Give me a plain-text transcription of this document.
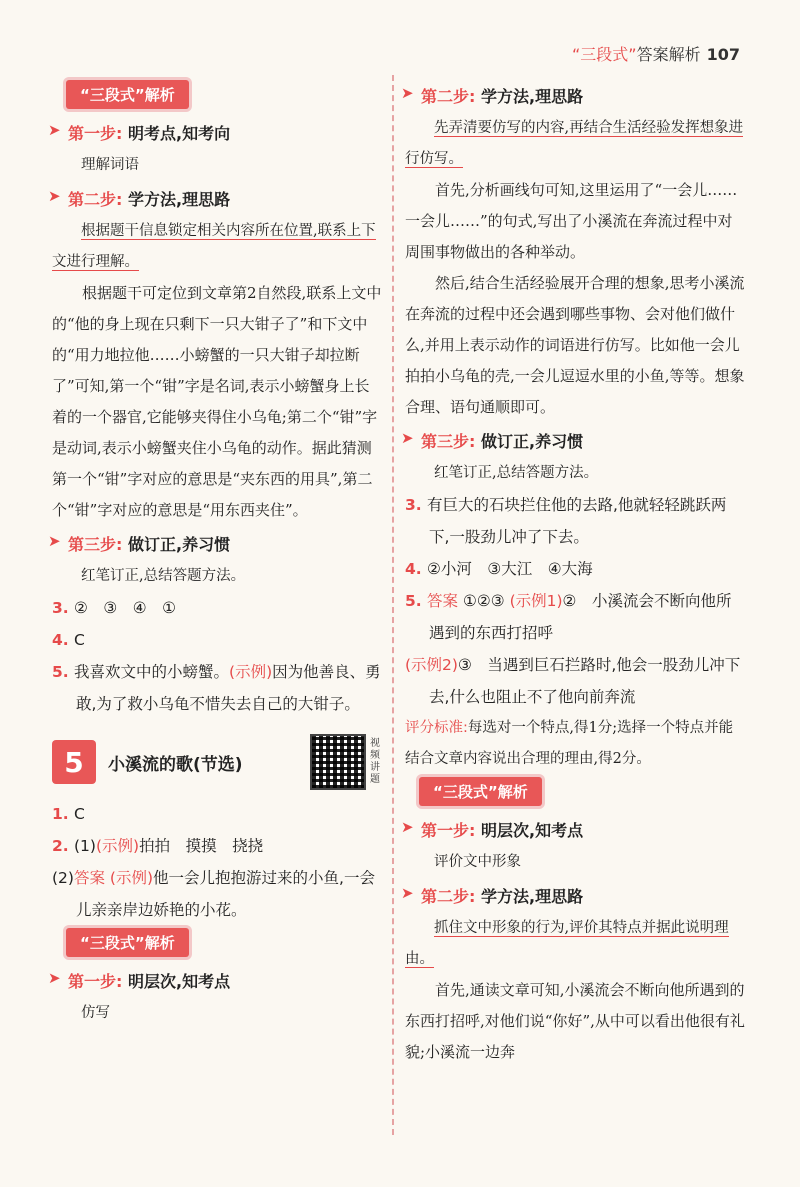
“三段式”答案解析 107
“三段式”解析
➤ 第一步: 明考点,知考向

理解词语

➤ 第二步: 学方法,理思路

根据题干信息锁定相关内容所在位置,联系上下文进行理解。

根据题干可定位到文章第2自然段,联系上文中的“他的身上现在只剩下一只大钳子了”和下文中的“用力地拉他……小螃蟹的一只大钳子却拉断了”可知,第一个“钳”字是名词,表示小螃蟹身上长着的一个器官,它能够夹得住小乌龟;第二个“钳”字是动词,表示小螃蟹夹住小乌龟的动作。据此猜测第一个“钳”字对应的意思是“夹东西的用具”,第二个“钳”字对应的意思是“用东西夹住”。

➤ 第三步: 做订正,养习惯

红笔订正,总结答题方法。

3. ②　③　④　①

4. C

5. 我喜欢文中的小螃蟹。(示例)因为他善良、勇敢,为了救小乌龟不惜失去自己的大钳子。

5	小溪流的歌(节选)
视频讲题

1. C

2. (1)(示例)拍拍　摸摸　挠挠

(2)答案 (示例)他一会儿抱抱游过来的小鱼,一会儿亲亲岸边娇艳的小花。

“三段式”解析
➤ 第一步: 明层次,知考点

仿写

➤ 第二步: 学方法,理思路

先弄清要仿写的内容,再结合生活经验发挥想象进行仿写。

首先,分析画线句可知,这里运用了“一会儿……一会儿……”的句式,写出了小溪流在奔流过程中对周围事物做出的各种举动。

然后,结合生活经验展开合理的想象,思考小溪流在奔流的过程中还会遇到哪些事物、会对他们做什么,并用上表示动作的词语进行仿写。比如他一会儿拍拍小乌龟的壳,一会儿逗逗水里的小鱼,等等。想象合理、语句通顺即可。

➤ 第三步: 做订正,养习惯

红笔订正,总结答题方法。

3. 有巨大的石块拦住他的去路,他就轻轻跳跃两下,一股劲儿冲了下去。

4. ②小河　③大江　④大海

5. 答案 ①②③ (示例1)②　小溪流会不断向他所遇到的东西打招呼

(示例2)③　当遇到巨石拦路时,他会一股劲儿冲下去,什么也阻止不了他向前奔流

评分标准:每选对一个特点,得1分;选择一个特点并能结合文章内容说出合理的理由,得2分。

“三段式”解析
➤ 第一步: 明层次,知考点

评价文中形象

➤ 第二步: 学方法,理思路

抓住文中形象的行为,评价其特点并据此说明理由。

首先,通读文章可知,小溪流会不断向他所遇到的东西打招呼,对他们说“你好”,从中可以看出他很有礼貌;小溪流一边奔
